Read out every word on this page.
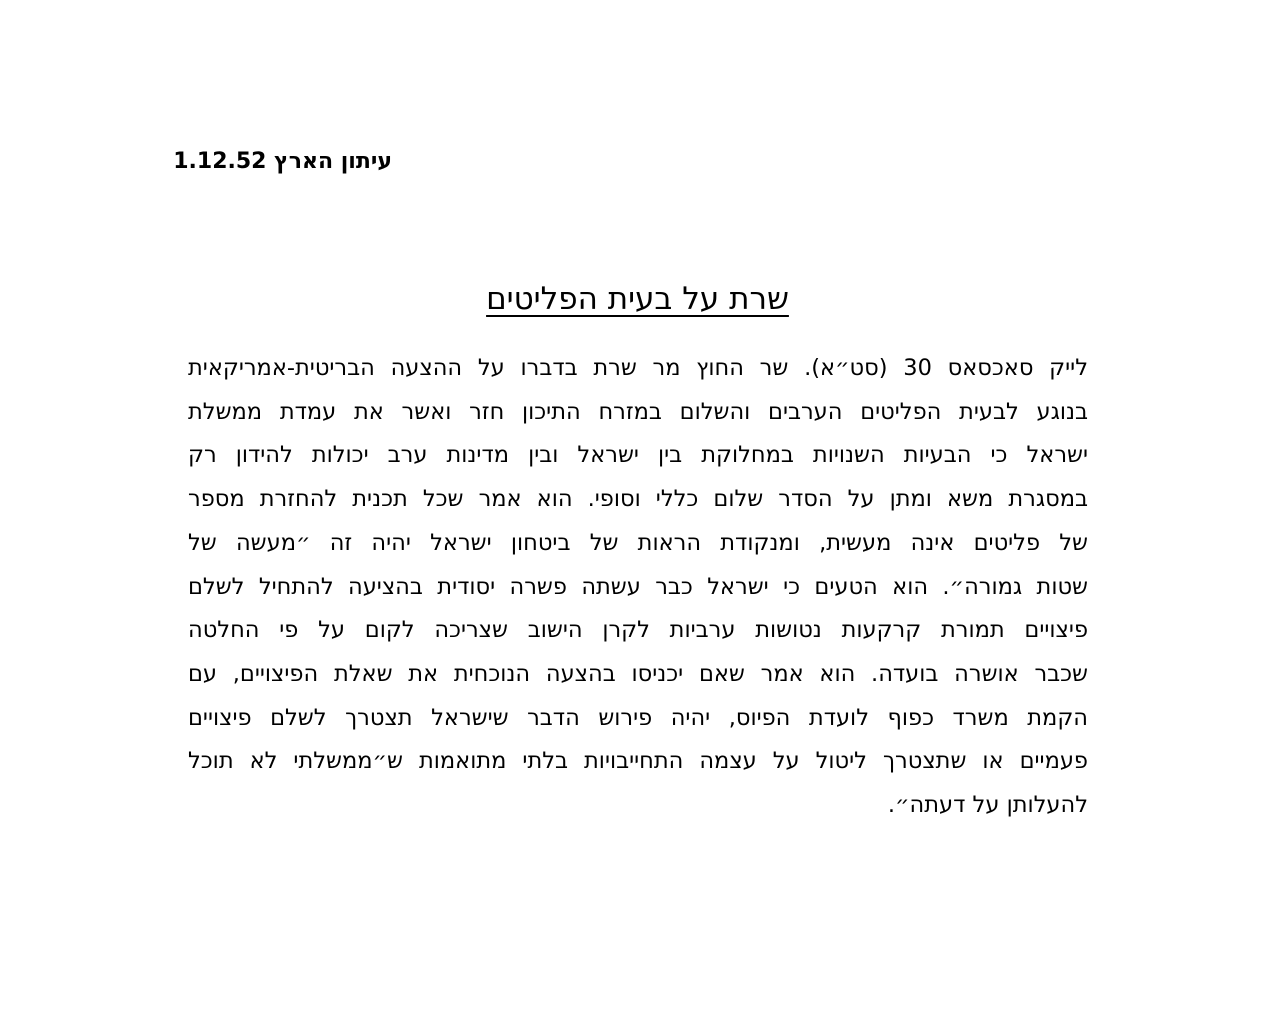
עיתון הארץ 1.12.52
שרת על בעית הפליטים
לייק סאכסאס 30 (סט״א). שר החוץ מר שרת בדברו על ההצעה הבריטית-אמריקאית
בנוגע לבעית הפליטים הערבים והשלום במזרח התיכון חזר ואשר את עמדת ממשלת
ישראל כי הבעיות השנויות במחלוקת בין ישראל ובין מדינות ערב יכולות להידון רק
במסגרת משא ומתן על הסדר שלום כללי וסופי. הוא אמר שכל תכנית להחזרת מספר
של פליטים אינה מעשית, ומנקודת הראות של ביטחון ישראל יהיה זה ״מעשה של
שטות גמורה״. הוא הטעים כי ישראל כבר עשתה פשרה יסודית בהציעה להתחיל לשלם
פיצויים תמורת קרקעות נטושות ערביות לקרן הישוב שצריכה לקום על פי החלטה
שכבר אושרה בועדה. הוא אמר שאם יכניסו בהצעה הנוכחית את שאלת הפיצויים, עם
הקמת משרד כפוף לועדת הפיוס, יהיה פירוש הדבר שישראל תצטרך לשלם פיצויים
פעמיים או שתצטרך ליטול על עצמה התחייבויות בלתי מתואמות ש״ממשלתי לא תוכל
להעלותן על דעתה״.
